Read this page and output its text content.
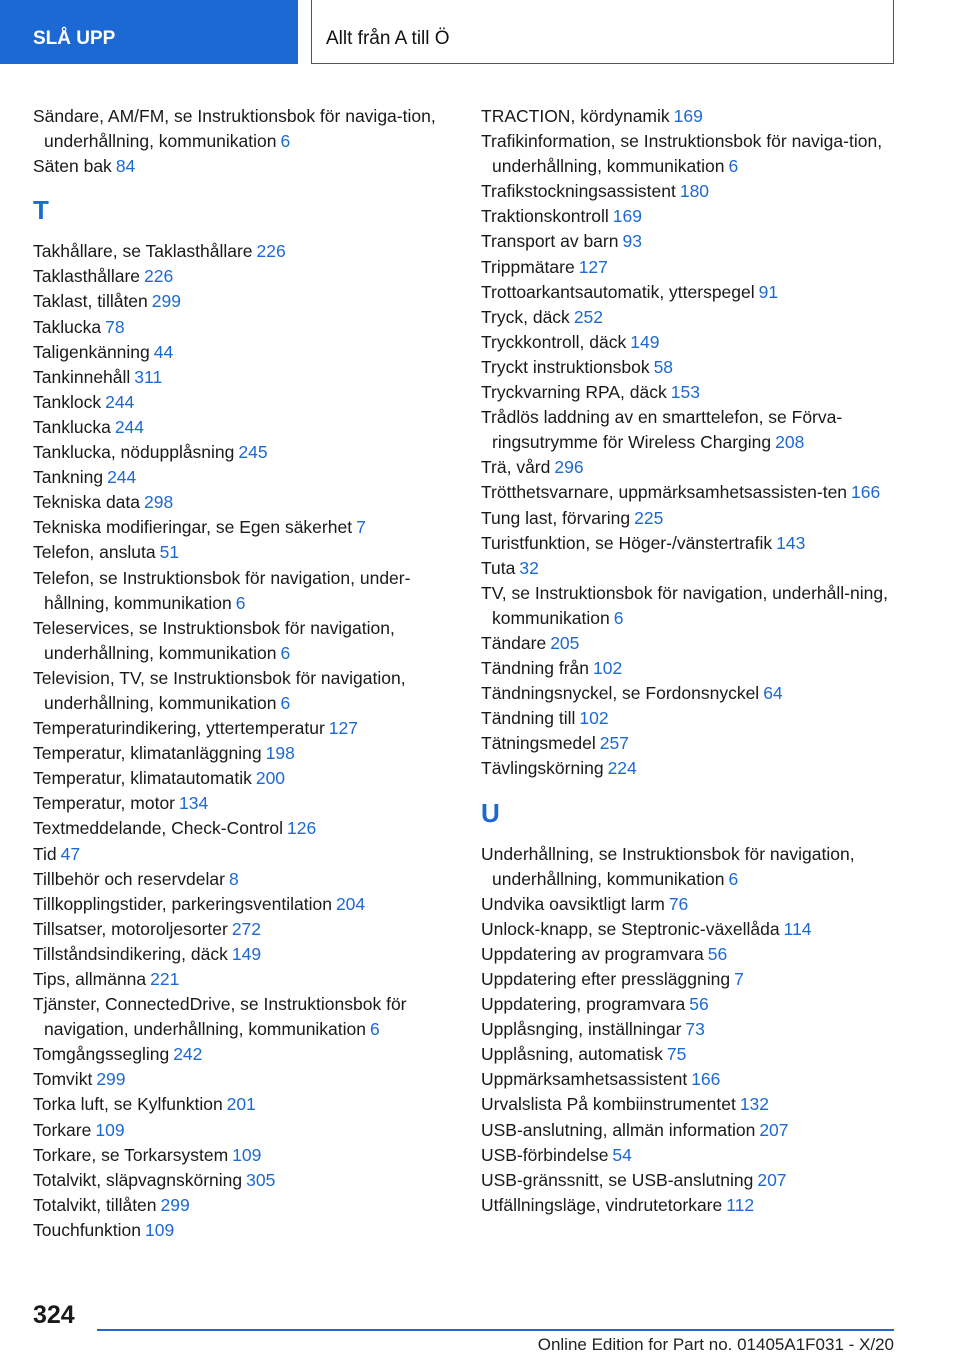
SLÅ UPP	Allt från A till Ö

Sändare, AM/FM, se Instruktionsbok för naviga-tion, underhållning, kommunikation 6

Säten bak 84

T

Takhållare, se Taklasthållare 226

Taklasthållare 226

Taklast, tillåten 299

Taklucka 78

Taligenkänning 44

Tankinnehåll 311

Tanklock 244

Tanklucka 244

Tanklucka, nödupplåsning 245

Tankning 244

Tekniska data 298

Tekniska modifieringar, se Egen säkerhet 7

Telefon, ansluta 51

Telefon, se Instruktionsbok för navigation, under-hållning, kommunikation 6

Teleservices, se Instruktionsbok för navigation, underhållning, kommunikation 6

Television, TV, se Instruktionsbok för navigation, underhållning, kommunikation 6

Temperaturindikering, yttertemperatur 127

Temperatur, klimatanläggning 198

Temperatur, klimatautomatik 200

Temperatur, motor 134

Textmeddelande, Check-Control 126

Tid 47

Tillbehör och reservdelar 8

Tillkopplingstider, parkeringsventilation 204

Tillsatser, motoroljesorter 272

Tillståndsindikering, däck 149

Tips, allmänna 221

Tjänster, ConnectedDrive, se Instruktionsbok för navigation, underhållning, kommunikation 6

Tomgångssegling 242

Tomvikt 299

Torka luft, se Kylfunktion 201

Torkare 109

Torkare, se Torkarsystem 109

Totalvikt, släpvagnskörning 305

Totalvikt, tillåten 299

Touchfunktion 109

TRACTION, kördynamik 169

Trafikinformation, se Instruktionsbok för naviga-tion, underhållning, kommunikation 6

Trafikstockningsassistent 180

Traktionskontroll 169

Transport av barn 93

Trippmätare 127

Trottoarkantsautomatik, ytterspegel 91

Tryck, däck 252

Tryckkontroll, däck 149

Tryckt instruktionsbok 58

Tryckvarning RPA, däck 153

Trådlös laddning av en smarttelefon, se Förva-ringsutrymme för Wireless Charging 208

Trä, vård 296

Trötthetsvarnare, uppmärksamhetsassisten-ten 166

Tung last, förvaring 225

Turistfunktion, se Höger-/vänstertrafik 143

Tuta 32

TV, se Instruktionsbok för navigation, underhåll-ning, kommunikation 6

Tändare 205

Tändning från 102

Tändningsnyckel, se Fordonsnyckel 64

Tändning till 102

Tätningsmedel 257

Tävlingskörning 224

U

Underhållning, se Instruktionsbok för navigation, underhållning, kommunikation 6

Undvika oavsiktligt larm 76

Unlock-knapp, se Steptronic-växellåda 114

Uppdatering av programvara 56

Uppdatering efter pressläggning 7

Uppdatering, programvara 56

Upplåsnging, inställningar 73

Upplåsning, automatisk 75

Uppmärksamhetsassistent 166

Urvalslista På kombiinstrumentet 132

USB-anslutning, allmän information 207

USB-förbindelse 54

USB-gränssnitt, se USB-anslutning 207

Utfällningsläge, vindrutetorkare 112

324
Online Edition for Part no. 01405A1F031 - X/20
